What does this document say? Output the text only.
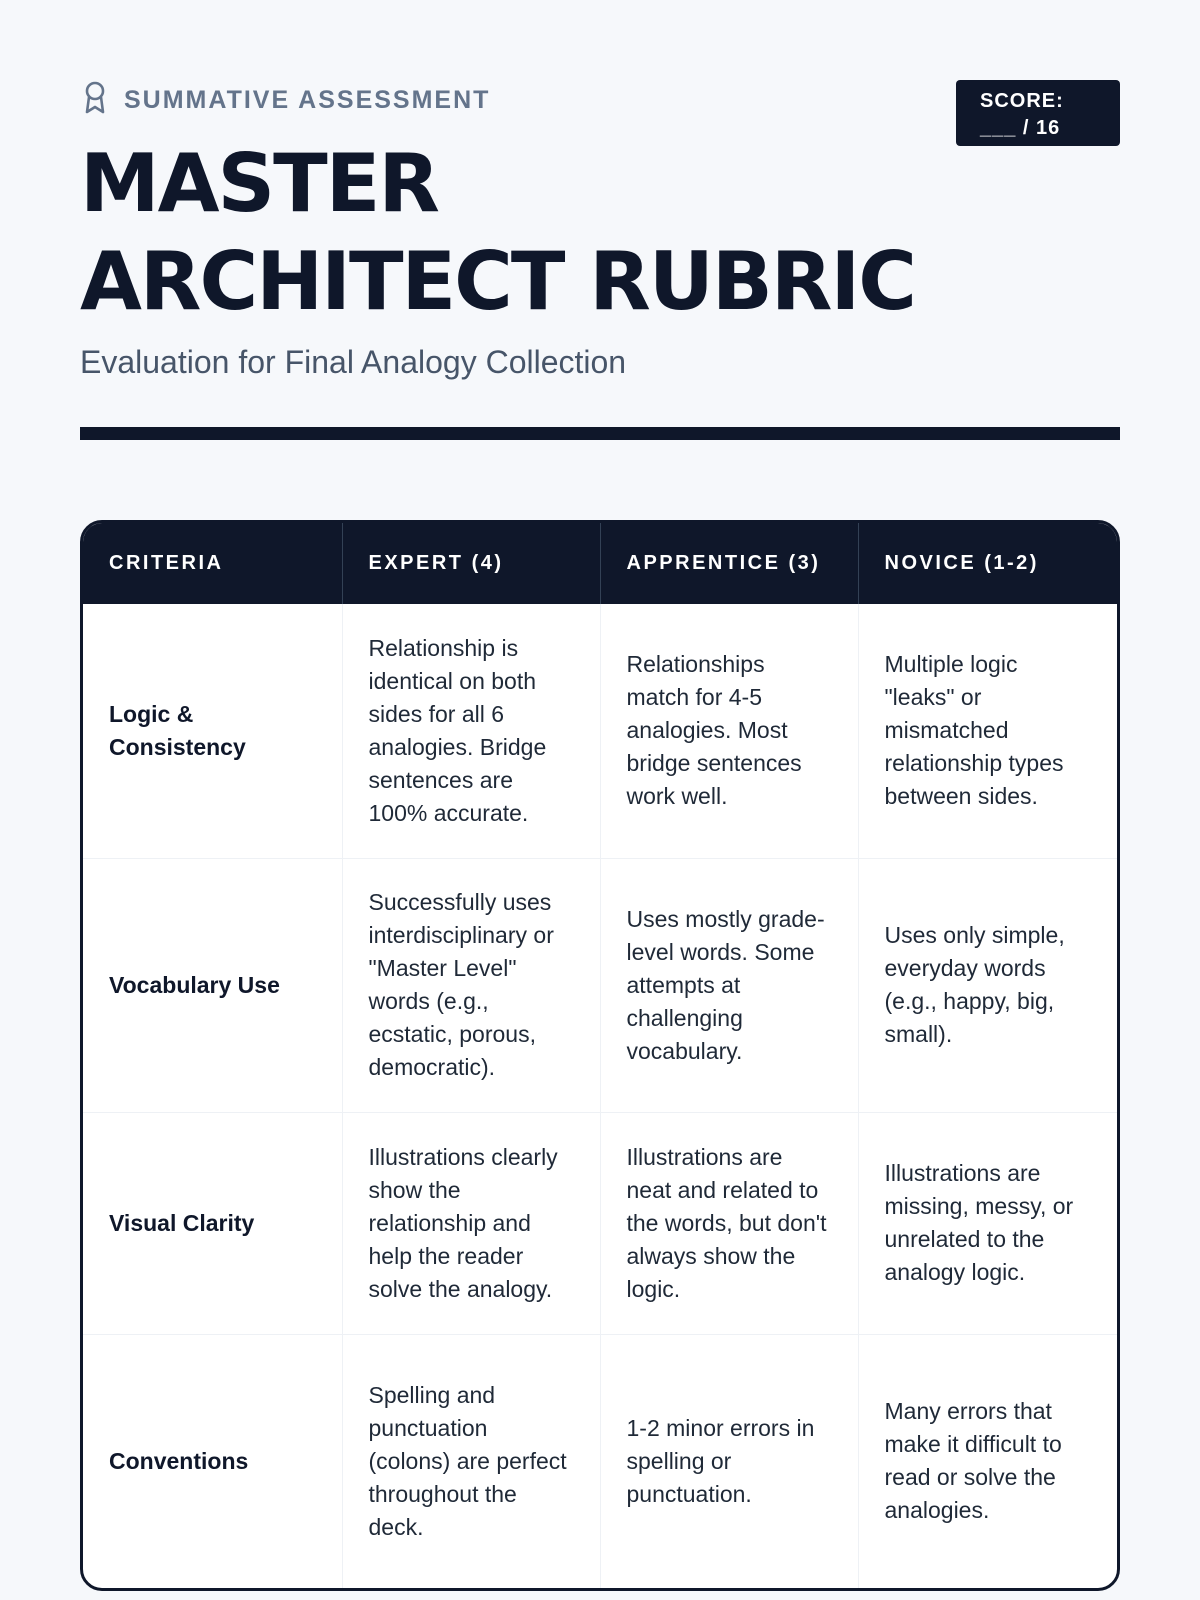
SUMMATIVE ASSESSMENT	SCORE:
___ / 16
MASTER
ARCHITECT RUBRIC

Evaluation for Final Analogy Collection

CRITERIA	EXPERT (4)	APPRENTICE (3)	NOVICE (1-2)
Logic & Consistency	Relationship is identical on both sides for all 6 analogies. Bridge sentences are 100% accurate.	Relationships match for 4-5 analogies. Most bridge sentences work well.	Multiple logic "leaks" or mismatched relationship types between sides.
Vocabulary Use	Successfully uses interdisciplinary or "Master Level" words (e.g., ecstatic, porous, democratic).	Uses mostly grade-level words. Some attempts at challenging vocabulary.	Uses only simple, everyday words (e.g., happy, big, small).
Visual Clarity	Illustrations clearly show the relationship and help the reader solve the analogy.	Illustrations are neat and related to the words, but don't always show the logic.	Illustrations are missing, messy, or unrelated to the analogy logic.
Conventions	Spelling and punctuation (colons) are perfect throughout the deck.	1-2 minor errors in spelling or punctuation.	Many errors that make it difficult to read or solve the analogies.
